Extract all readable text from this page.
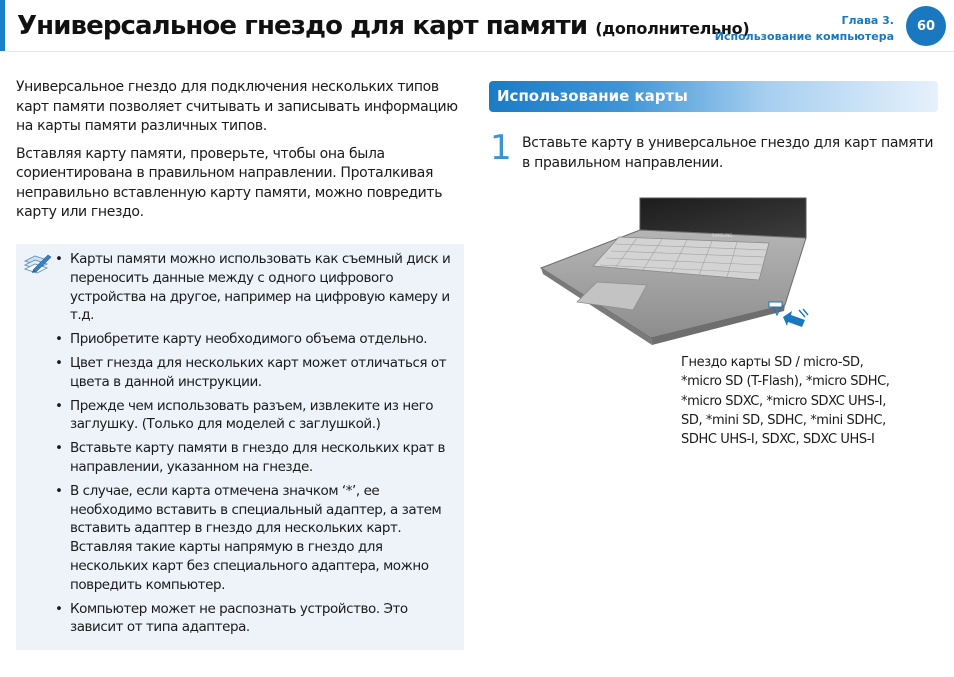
Универсальное гнездо для карт памяти (дополнительно)	Глава 3.
Использование компьютера
60

Универсальное гнездо для подключения нескольких типов карт памяти позволяет считывать и записывать информацию на карты памяти различных типов.

Вставляя карту памяти, проверьте, чтобы она была сориентирована в правильном направлении. Проталкивая неправильно вставленную карту памяти, можно повредить карту или гнездо.

• Карты памяти можно использовать как съемный диск и переносить данные между с одного цифрового устройства на другое, например на цифровую камеру и т.д.
• Приобретите карту необходимого объема отдельно.
• Цвет гнезда для нескольких карт может отличаться от цвета в данной инструкции.
• Прежде чем использовать разъем, извлеките из него заглушку. (Только для моделей с заглушкой.)
• Вставьте карту памяти в гнездо для нескольких крат в направлении, указанном на гнезде.
• В случае, если карта отмечена значком ‘*’, ее необходимо вставить в специальный адаптер, а затем вставить адаптер в гнездо для нескольких карт. Вставляя такие карты напрямую в гнездо для нескольких карт без специального адаптера, можно повредить компьютер.
• Компьютер может не распознать устройство. Это зависит от типа адаптера.
Использование карты
1 Вставьте карту в универсальное гнездо для карт памяти в правильном направлении.

SAMSUNG

Гнездо карты SD / micro-SD,
*micro SD (T-Flash), *micro SDHC,
*micro SDXC, *micro SDXC UHS-I,
SD, *mini SD, SDHC, *mini SDHC,
SDHC UHS-I, SDXC, SDXC UHS-I
